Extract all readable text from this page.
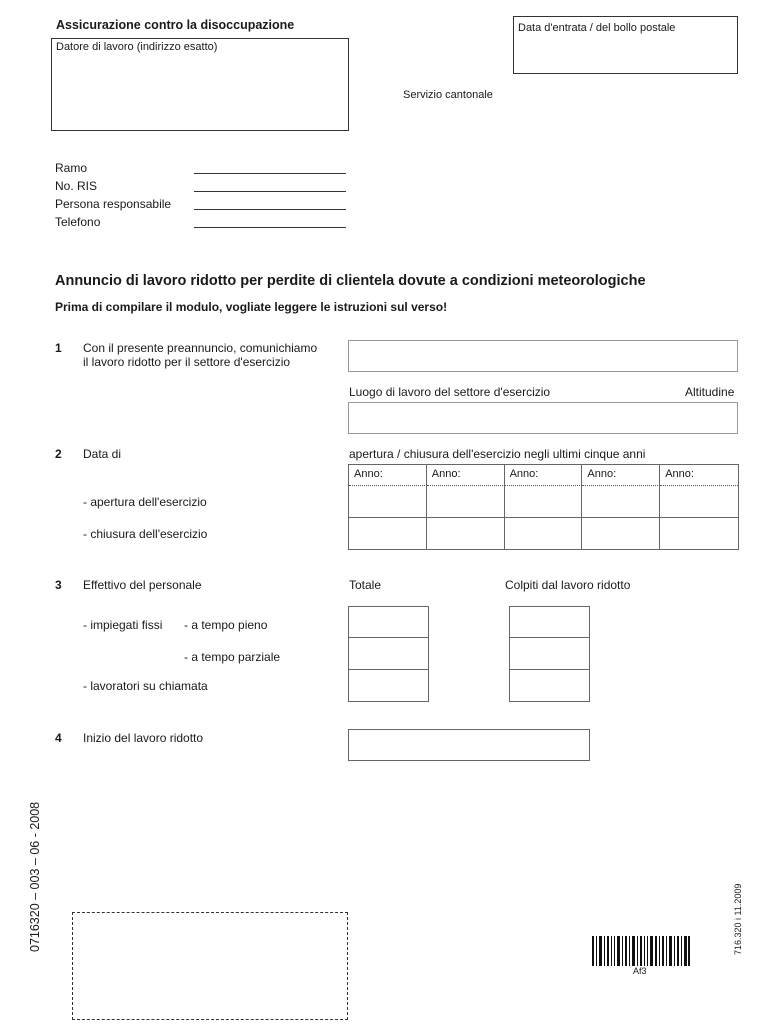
Assicurazione contro la disoccupazione
Datore di lavoro (indirizzo esatto)
Data d'entrata / del bollo postale
Servizio cantonale
Ramo
No. RIS
Persona responsabile
Telefono
Annuncio di lavoro ridotto per perdite di clientela dovute a condizioni meteorologiche
Prima di compilare il modulo, vogliate leggere le istruzioni sul verso!
1 Con il presente preannuncio, comunichiamo
il lavoro ridotto per il settore d'esercizio
Luogo di lavoro del settore d'esercizio	Altitudine
2 Data di	apertura / chiusura dell'esercizio negli ultimi cinque anni
Anno:	Anno:	Anno:	Anno:	Anno:
- apertura dell'esercizio
- chiusura dell'esercizio
3 Effettivo del personale	Totale	Colpiti dal lavoro ridotto
- impiegati fissi - a tempo pieno
- a tempo parziale
- lavoratori su chiamata
4 Inizio del lavoro ridotto
0716320 – 003 – 06 - 2008	716.320 i 11.2009
Af3
